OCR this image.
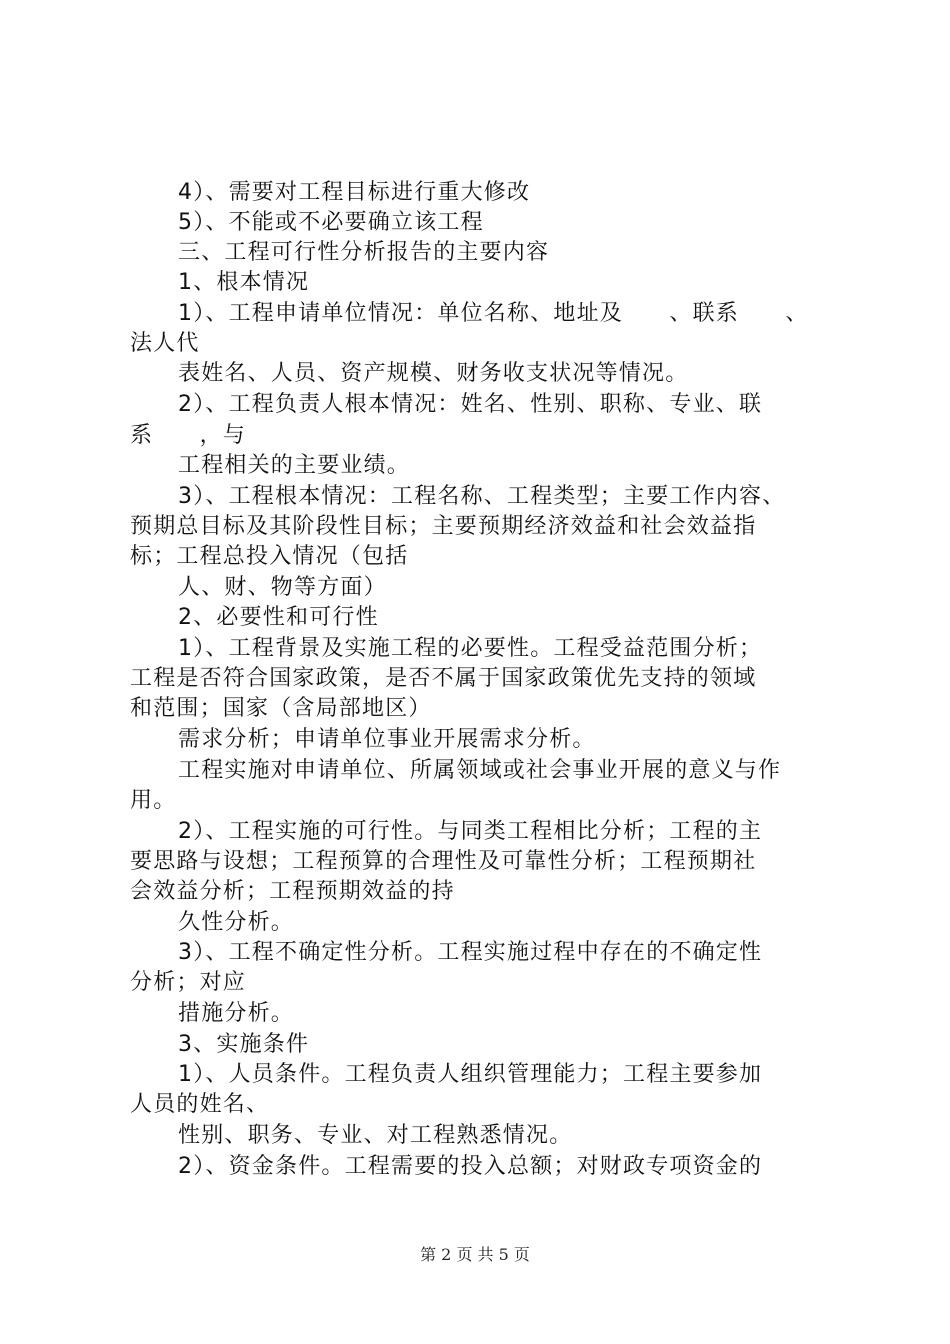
4）、需要对工程目标进行重大修改
5）、不能或不必要确立该工程
三、工程可行性分析报告的主要内容
1、根本情况
1）、工程申请单位情况：单位名称、地址及　　、联系　　、
法人代
表姓名、人员、资产规模、财务收支状况等情况。
2）、工程负责人根本情况：姓名、性别、职称、专业、联
系　　，与
工程相关的主要业绩。
3）、工程根本情况：工程名称、工程类型；主要工作内容、
预期总目标及其阶段性目标；主要预期经济效益和社会效益指
标；工程总投入情况（包括
人、财、物等方面）
2、必要性和可行性
1）、工程背景及实施工程的必要性。工程受益范围分析；
工程是否符合国家政策，是否不属于国家政策优先支持的领域
和范围；国家（含局部地区）
需求分析；申请单位事业开展需求分析。
工程实施对申请单位、所属领域或社会事业开展的意义与作
用。
2）、工程实施的可行性。与同类工程相比分析；工程的主
要思路与设想；工程预算的合理性及可靠性分析；工程预期社
会效益分析；工程预期效益的持
久性分析。
3）、工程不确定性分析。工程实施过程中存在的不确定性
分析；对应
措施分析。
3、实施条件
1）、人员条件。工程负责人组织管理能力；工程主要参加
人员的姓名、
性别、职务、专业、对工程熟悉情况。
2）、资金条件。工程需要的投入总额；对财政专项资金的
第 2 页 共 5 页
